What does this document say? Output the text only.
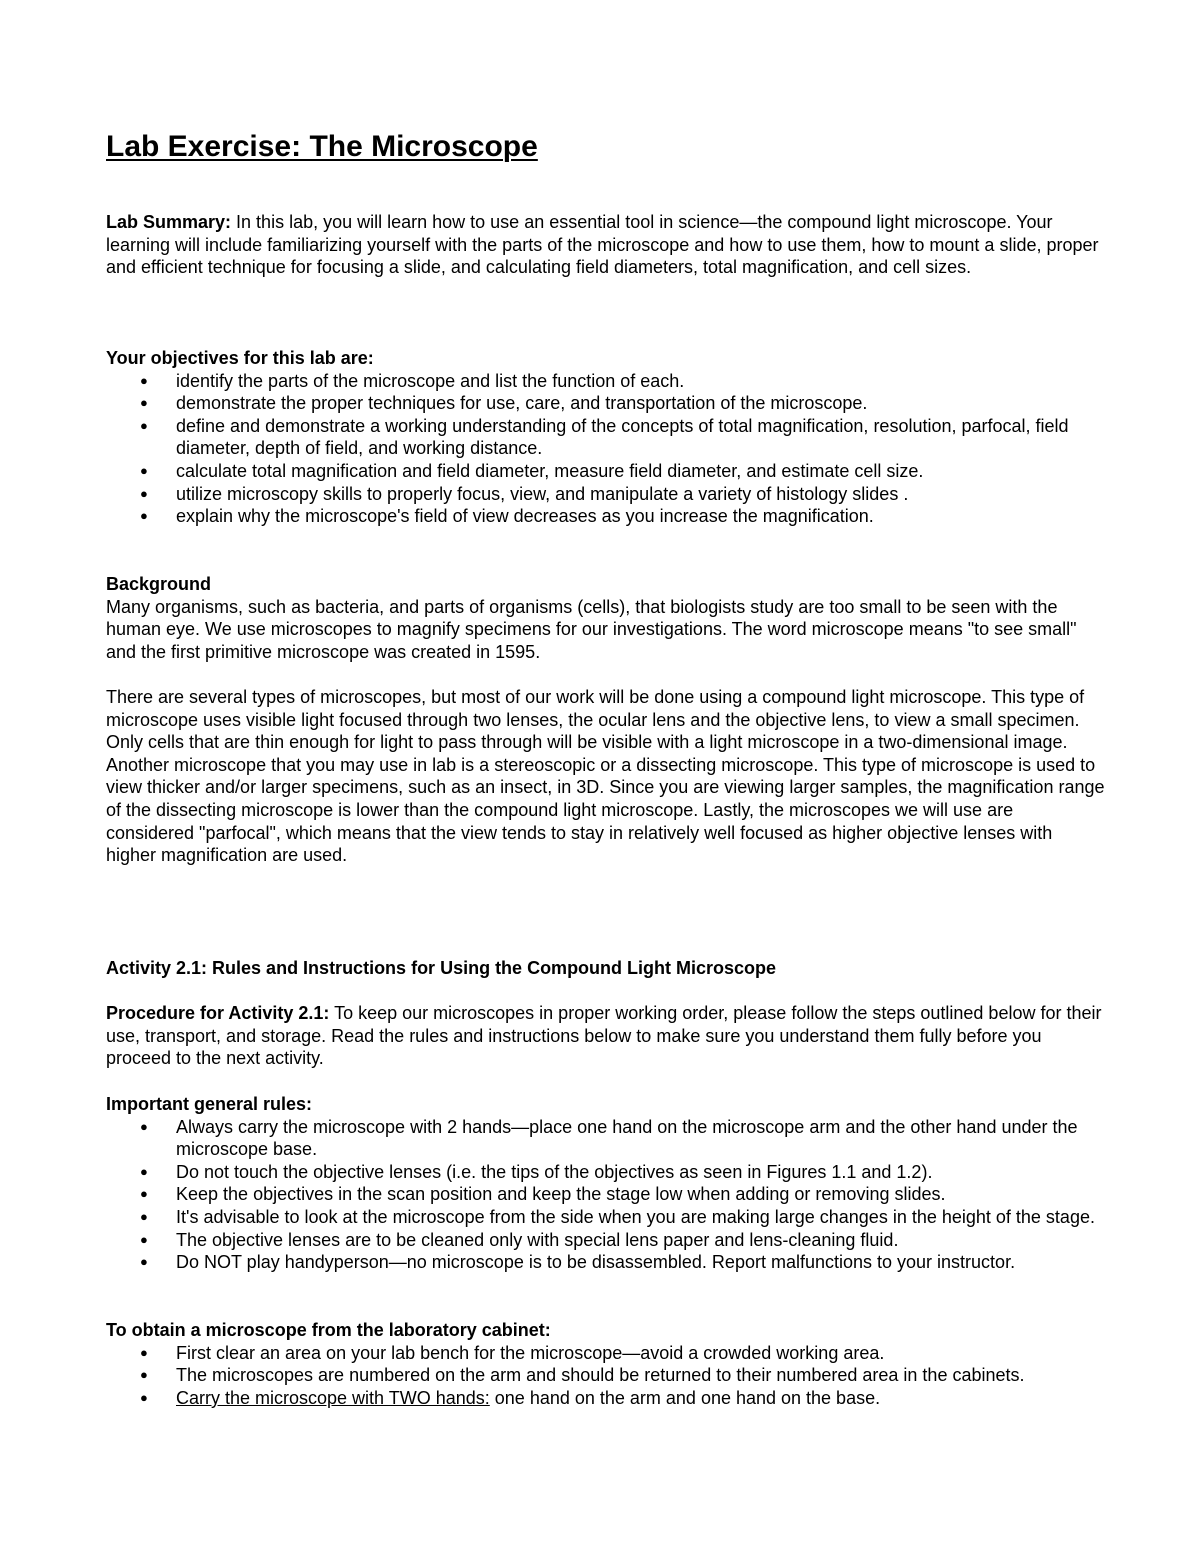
Lab Exercise: The Microscope

Lab Summary: In this lab, you will learn how to use an essential tool in science—the compound light microscope. Your learning will include familiarizing yourself with the parts of the microscope and how to use them, how to mount a slide, proper and efficient technique for focusing a slide, and calculating field diameters, total magnification, and cell sizes.

Your objectives for this lab are:

● identify the parts of the microscope and list the function of each.
● demonstrate the proper techniques for use, care, and transportation of the microscope.
● define and demonstrate a working understanding of the concepts of total magnification, resolution, parfocal, field diameter, depth of field, and working distance.
● calculate total magnification and field diameter, measure field diameter, and estimate cell size.
● utilize microscopy skills to properly focus, view, and manipulate a variety of histology slides .
● explain why the microscope's field of view decreases as you increase the magnification.

Background

Many organisms, such as bacteria, and parts of organisms (cells), that biologists study are too small to be seen with the human eye. We use microscopes to magnify specimens for our investigations. The word microscope means "to see small" and the first primitive microscope was created in 1595.

There are several types of microscopes, but most of our work will be done using a compound light microscope. This type of microscope uses visible light focused through two lenses, the ocular lens and the objective lens, to view a small specimen. Only cells that are thin enough for light to pass through will be visible with a light microscope in a two-dimensional image. Another microscope that you may use in lab is a stereoscopic or a dissecting microscope. This type of microscope is used to view thicker and/or larger specimens, such as an insect, in 3D. Since you are viewing larger samples, the magnification range of the dissecting microscope is lower than the compound light microscope. Lastly, the microscopes we will use are considered "parfocal", which means that the view tends to stay in relatively well focused as higher objective lenses with higher magnification are used.

Activity 2.1: Rules and Instructions for Using the Compound Light Microscope

Procedure for Activity 2.1: To keep our microscopes in proper working order, please follow the steps outlined below for their use, transport, and storage. Read the rules and instructions below to make sure you understand them fully before you proceed to the next activity.

Important general rules:

● Always carry the microscope with 2 hands—place one hand on the microscope arm and the other hand under the microscope base.
● Do not touch the objective lenses (i.e. the tips of the objectives as seen in Figures 1.1 and 1.2).
● Keep the objectives in the scan position and keep the stage low when adding or removing slides.
● It's advisable to look at the microscope from the side when you are making large changes in the height of the stage.
● The objective lenses are to be cleaned only with special lens paper and lens-cleaning fluid.
● Do NOT play handyperson—no microscope is to be disassembled. Report malfunctions to your instructor.

To obtain a microscope from the laboratory cabinet:

● First clear an area on your lab bench for the microscope—avoid a crowded working area.
● The microscopes are numbered on the arm and should be returned to their numbered area in the cabinets.
● Carry the microscope with TWO hands: one hand on the arm and one hand on the base.
